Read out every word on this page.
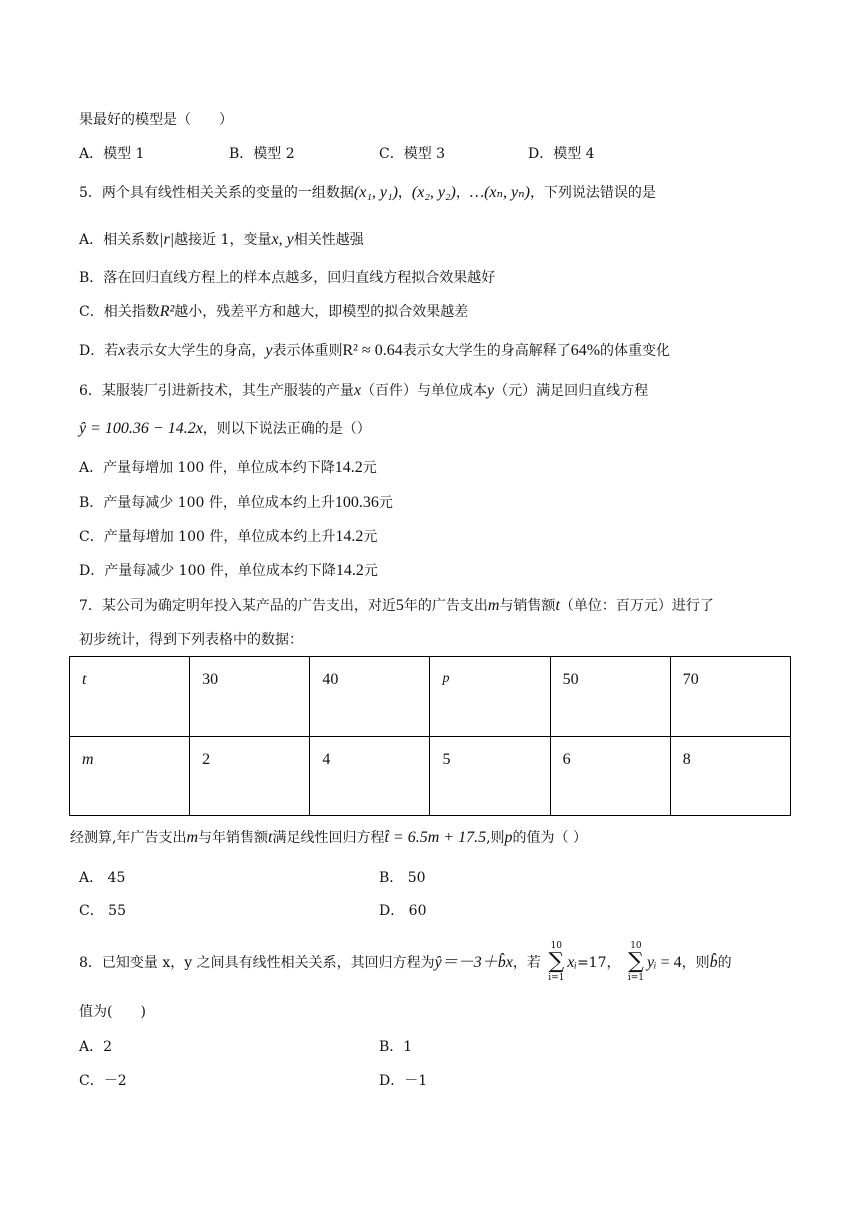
果最好的模型是（　　）
A．模型 1	B．模型 2	C．模型 3	D．模型 4
5．两个具有线性相关关系的变量的一组数据(x₁, y₁)，(x₂, y₂)，…(xₙ, yₙ)，下列说法错误的是
A．相关系数|r|越接近 1，变量x, y相关性越强
B．落在回归直线方程上的样本点越多，回归直线方程拟合效果越好
C．相关指数R²越小，残差平方和越大，即模型的拟合效果越差
D．若x表示女大学生的身高，y表示体重则R² ≈ 0.64表示女大学生的身高解释了64%的体重变化
6．某服装厂引进新技术，其生产服装的产量x（百件）与单位成本y（元）满足回归直线方程
ŷ = 100.36 − 14.2x，则以下说法正确的是（）
A．产量每增加 100 件，单位成本约下降14.2元
B．产量每减少 100 件，单位成本约上升100.36元
C．产量每增加 100 件，单位成本约上升14.2元
D．产量每减少 100 件，单位成本约下降14.2元
7．某公司为确定明年投入某产品的广告支出，对近5年的广告支出m与销售额t（单位：百万元）进行了
初步统计，得到下列表格中的数据：
t	30	40	p	50	70
m	2	4	5	6	8
经测算,年广告支出m与年销售额t满足线性回归方程t̂ = 6.5m + 17.5,则p的值为（ ）
A． 45	B． 50
C． 55	D． 60
8．已知变量 x，y 之间具有线性相关关系，其回归方程为ŷ＝－3＋b̂x，若
10
∑
i=1
xᵢ=17，
10
∑
i=1
yᵢ = 4，则b̂的
值为(　　)
A．2	B．1
C．－2	D．－1
